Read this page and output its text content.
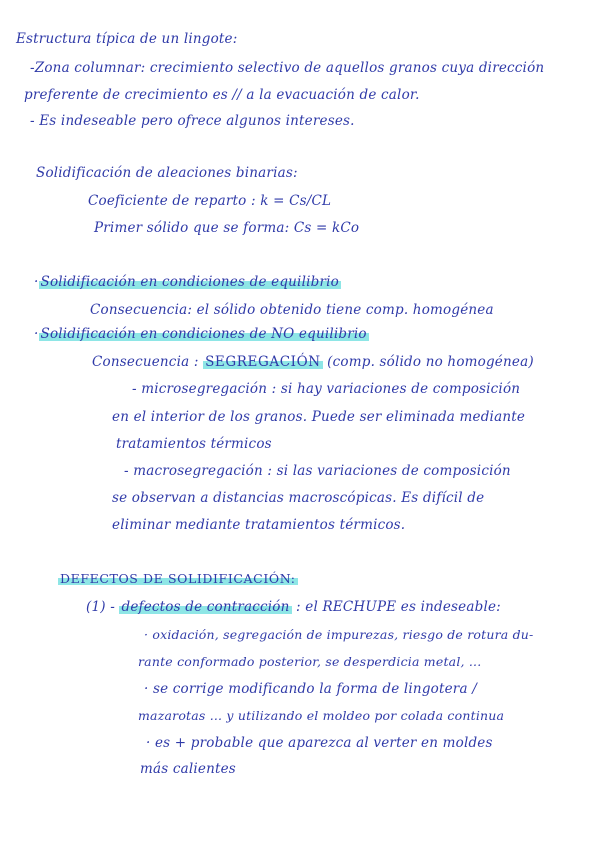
Estructura típica de un lingote:
-Zona columnar: crecimiento selectivo de aquellos granos cuya dirección
preferente de crecimiento es // a la evacuación de calor.
- Es indeseable pero ofrece algunos intereses.
Solidificación de aleaciones binarias:
Coeficiente de reparto : k = Cs/CL
Primer sólido que se forma: Cs = kCo
· Solidificación en condiciones de equilibrio
Consecuencia: el sólido obtenido tiene comp. homogénea
· Solidificación en condiciones de NO equilibrio
Consecuencia : SEGREGACIÓN (comp. sólido no homogénea)
- microsegregación : si hay variaciones de composición
en el interior de los granos. Puede ser eliminada mediante
tratamientos térmicos
- macrosegregación : si las variaciones de composición
se observan a distancias macroscópicas. Es difícil de
eliminar mediante tratamientos térmicos.
DEFECTOS DE SOLIDIFICACIÓN:
(1) - defectos de contracción : el RECHUPE es indeseable:
· oxidación, segregación de impurezas, riesgo de rotura du-
rante conformado posterior, se desperdicia metal, ...
· se corrige modificando la forma de lingotera /
mazarotas ... y utilizando el moldeo por colada continua
· es + probable que aparezca al verter en moldes
más calientes
